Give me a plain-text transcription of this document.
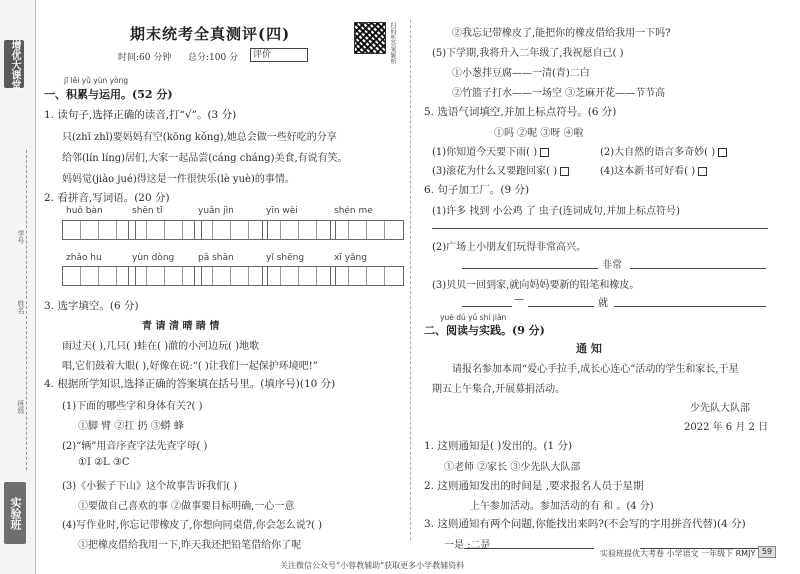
增优大课堂
学号
姓名
班级
实验班
期末统考全真测评(四)	扫码听答案解析
时间:60 分钟 总分:100 分	评价
jī lěi yǔ yùn yòng
一、积累与运用。(52 分)
1. 读句子,选择正确的读音,打“√”。(3 分)
只(zhī zhǐ)要妈妈有空(kōng kǒng),她总会做一些好吃的分享
给邻(lín líng)居们,大家一起品尝(cáng cháng)美食,有说有笑。
妈妈觉(jiào jué)得这是一件很快乐(lè yuè)的事情。
2. 看拼音,写词语。(20 分)
huǒ bàn	shēn tǐ	yuǎn jìn	yīn wèi	shén me
zhǎo hu	yùn dòng	pǎ shān	yǐ shēng	xī yǎng
3. 选字填空。(6 分)
青 请 清 晴 睛 情
雨过天( ),几只( )蛙在( )澈的小河边玩( )地歌
唱,它们鼓着大眼( ),好像在说:“( )让我们一起保护环境吧!”
4. 根据所学知识,选择正确的答案填在括号里。(填序号)(10 分)
(1)下面的哪些字和身体有关?( )
①脚 臂 ②扛 扔 ③蟒 蜂
(2)“辆”用音序查字法先查字母( )
①I ②L ③C
(3)《小猴子下山》这个故事告诉我们( )
①要做自己喜欢的事 ②做事要目标明确,一心一意
(4)写作业时,你忘记带橡皮了,你想向同桌借,你会怎么说?( )
①把橡皮借给我用一下,昨天我还把铅笔借给你了呢
②我忘记带橡皮了,能把你的橡皮借给我用一下吗?
(5)下学期,我将升入二年级了,我祝愿自己( )
①小葱拌豆腐——一清(青)二白
②竹篮子打水——一场空 ③芝麻开花——节节高
5. 选语气词填空,并加上标点符号。(6 分)
①吗 ②呢 ③呀 ④啦
(1)你知道今天要下雨( )	(2)大自然的语言多奇妙( )
(3)滚花为什么又要跑回家( )	(4)这本新书可好看( )
6. 句子加工厂。(9 分)
(1)许多 找到 小公鸡 了 虫子(连词成句,并加上标点符号)
(2)广场上小朋友们玩得非常高兴。
非常
(3)贝贝一回到家,就向妈妈要新的铅笔和橡皮。
—	就
yuè dú yǔ shí jiàn
二、阅读与实践。(9 分)
通 知
请报名参加本周“爱心手拉手,成长心连心”活动的学生和家长,于星
期五上午集合,开展募捐活动。
少先队大队部
2022 年 6 月 2 日
1. 这则通知是( )发出的。(1 分)
①老师 ②家长 ③少先队大队部
2. 这则通知发出的时间是 ,要求报名人员于星期
上午参加活动。参加活动的有 和 。(4 分)
3. 这则通知有两个问题,你能找出来吗?(不会写的字用拼音代替)(4 分)
一是 ;二是
关注微信公众号“小蓉教辅助”获取更多小学教辅资料
实验班提优大考卷 小学语文 一年级下 RMJY 59
